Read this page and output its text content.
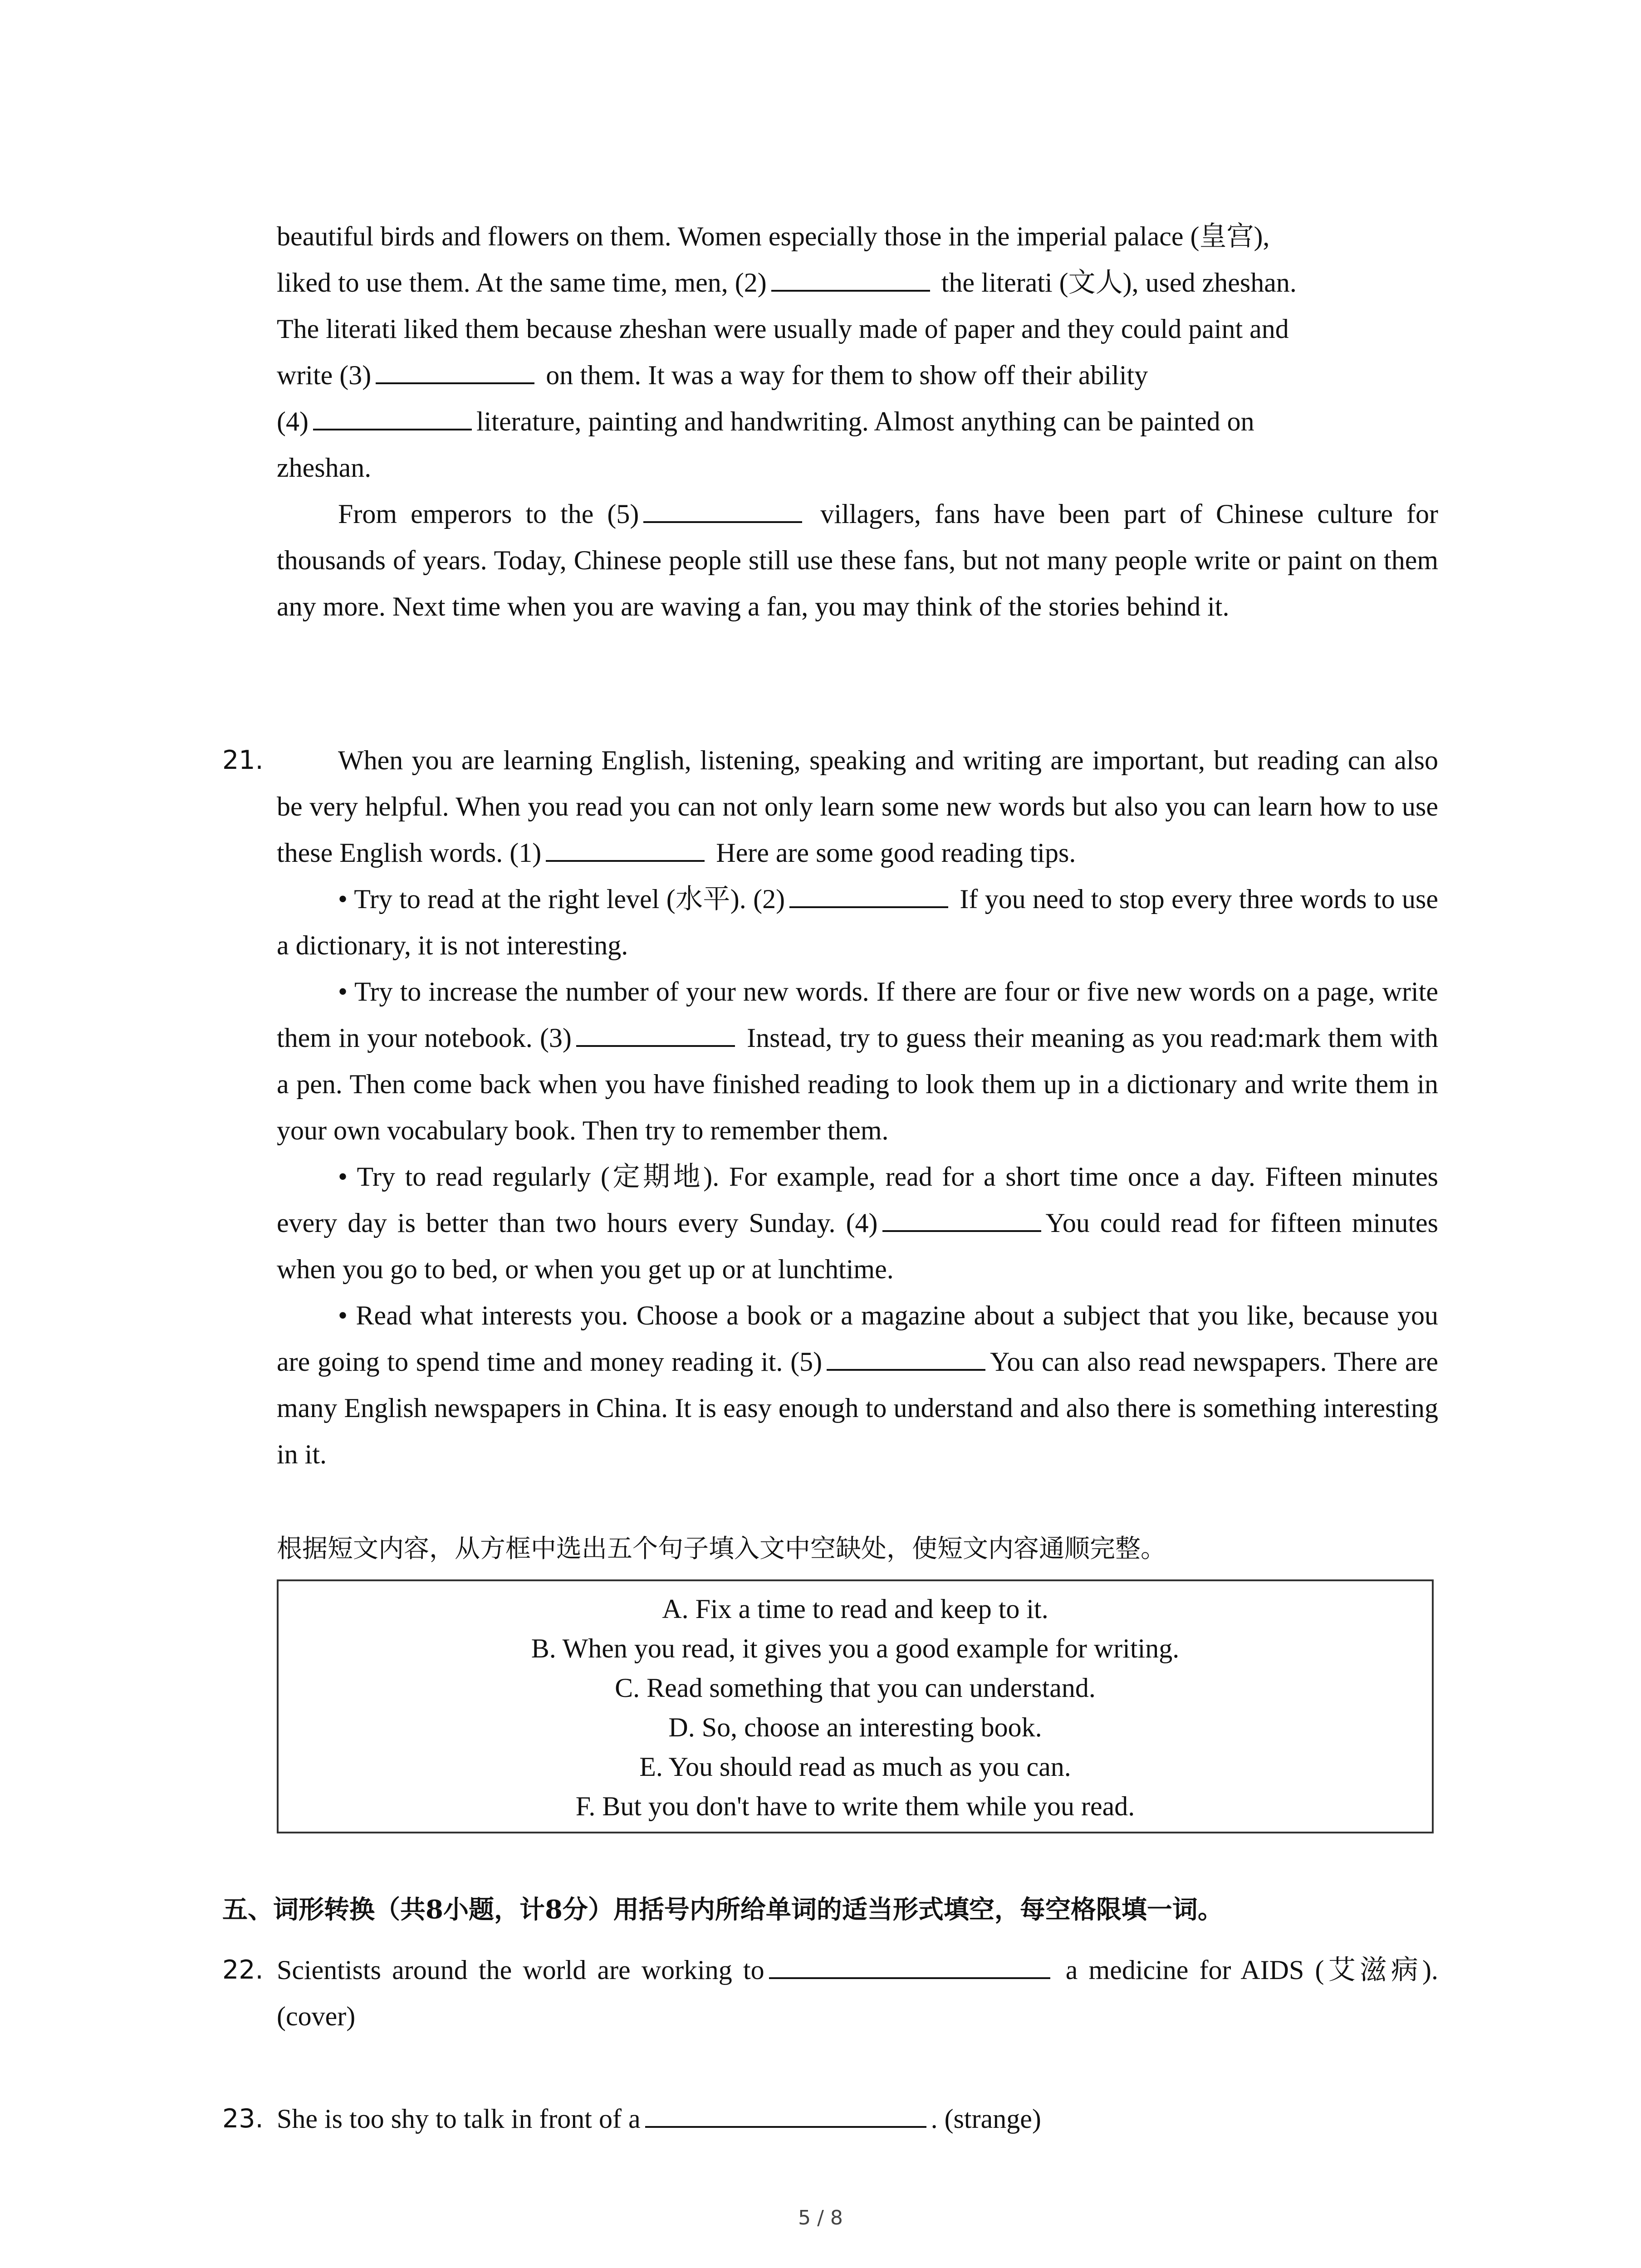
beautiful birds and flowers on them. Women especially those in the imperial palace (皇宫),
liked to use them. At the same time, men, (2)	the literati (文人), used zheshan.
The literati liked them because zheshan were usually made of paper and they could paint and
write (3)	on them. It was a way for them to show off their ability
(4)	literature, painting and handwriting. Almost anything can be painted on
zheshan.

From emperors to the (5)	villagers, fans have been part of Chinese culture for thousands of years. Today, Chinese people still use these fans, but not many people write or paint on them any more. Next time when you are waving a fan, you may think of the stories behind it.

21.	When you are learning English, listening, speaking and writing are important, but reading can also be very helpful. When you read you can not only learn some new words but also you can learn how to use these English words. (1)	Here are some good reading tips.

• Try to read at the right level (水平). (2)	If you need to stop every three words to use a dictionary, it is not interesting.

• Try to increase the number of your new words. If there are four or five new words on a page, write them in your notebook. (3)	Instead, try to guess their meaning as you read:mark them with a pen. Then come back when you have finished reading to look them up in a dictionary and write them in your own vocabulary book. Then try to remember them.

• Try to read regularly (定期地). For example, read for a short time once a day. Fifteen minutes every day is better than two hours every Sunday. (4)	You could read for fifteen minutes when you go to bed, or when you get up or at lunchtime.

• Read what interests you. Choose a book or a magazine about a subject that you like, because you are going to spend time and money reading it. (5)	You can also read newspapers. There are many English newspapers in China. It is easy enough to understand and also there is something interesting in it.

根据短文内容，从方框中选出五个句子填入文中空缺处，使短文内容通顺完整。
A. Fix a time to read and keep to it.
B. When you read, it gives you a good example for writing.
C. Read something that you can understand.
D. So, choose an interesting book.
E. You should read as much as you can.
F. But you don't have to write them while you read.
五、词形转换（共8小题，计8分）用括号内所给单词的适当形式填空，每空格限填一词。
22. Scientists around the world are working to	a medicine for AIDS (艾滋病). (cover)

23. She is too shy to talk in front of a	. (strange)

5 / 8
